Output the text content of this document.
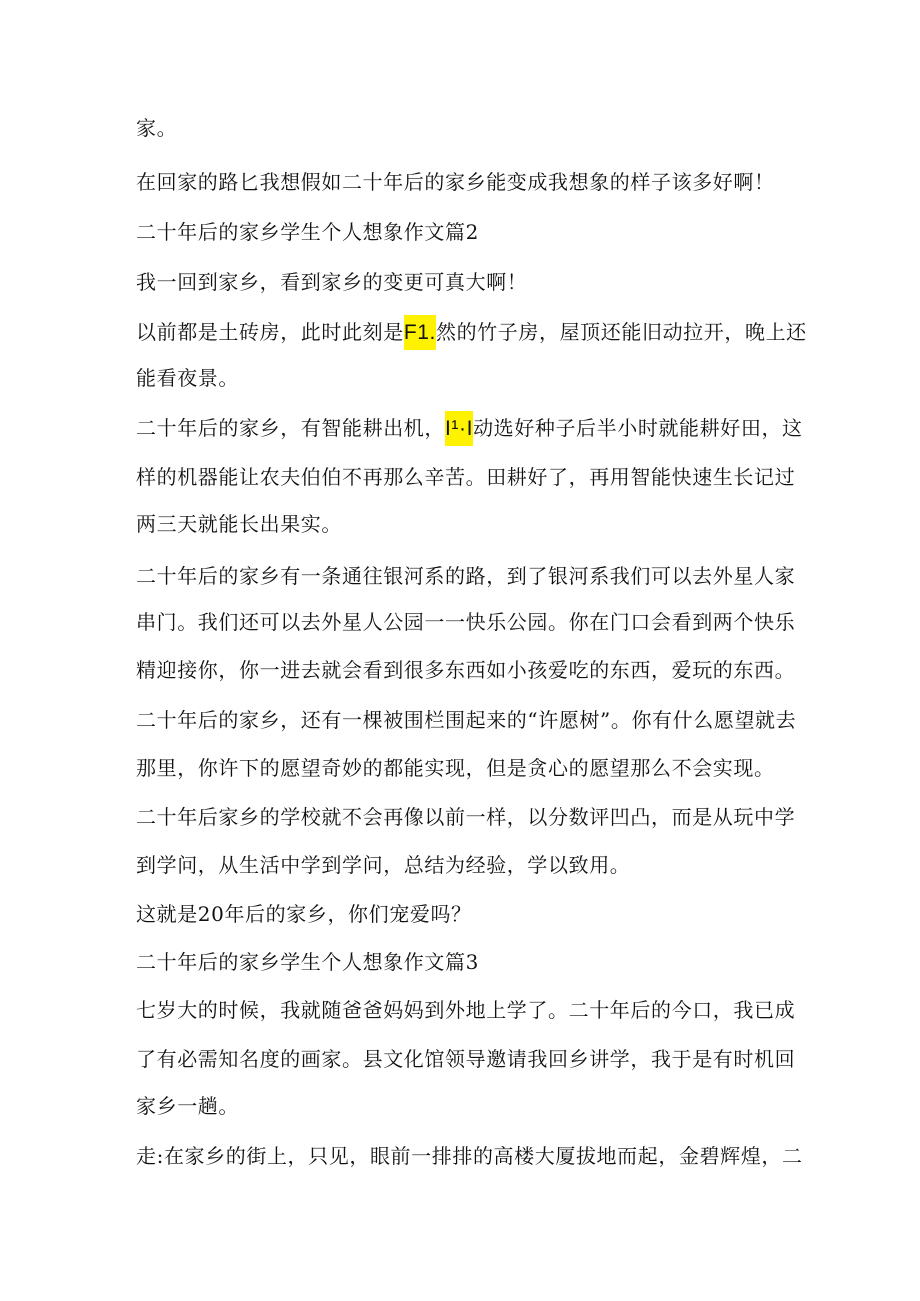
家。
在回家的路匕我想假如二十年后的家乡能变成我想象的样子该多好啊！
二十年后的家乡学生个人想象作文篇2
我一回到家乡，看到家乡的变更可真大啊！
以前都是土砖房，此时此刻是F1.然的竹子房，屋顶还能旧动拉开，晚上还
能看夜景。
二十年后的家乡，有智能耕出机，I¹·I动选好种子后半小时就能耕好田，这
样的机器能让农夫伯伯不再那么辛苦。田耕好了，再用智能快速生长记过
两三天就能长出果实。
二十年后的家乡有一条通往银河系的路，到了银河系我们可以去外星人家
串门。我们还可以去外星人公园一一快乐公园。你在门口会看到两个快乐
精迎接你，你一进去就会看到很多东西如小孩爱吃的东西，爱玩的东西。
二十年后的家乡，还有一棵被围栏围起来的“许愿树”。你有什么愿望就去
那里，你许下的愿望奇妙的都能实现，但是贪心的愿望那么不会实现。
二十年后家乡的学校就不会再像以前一样，以分数评凹凸，而是从玩中学
到学问，从生活中学到学问，总结为经验，学以致用。
这就是20年后的家乡，你们宠爱吗？
二十年后的家乡学生个人想象作文篇3
七岁大的时候，我就随爸爸妈妈到外地上学了。二十年后的今口，我已成
了有必需知名度的画家。县文化馆领导邀请我回乡讲学，我于是有时机回
家乡一趟。
走:在家乡的街上，只见，眼前一排排的高楼大厦拔地而起，金碧辉煌，二
